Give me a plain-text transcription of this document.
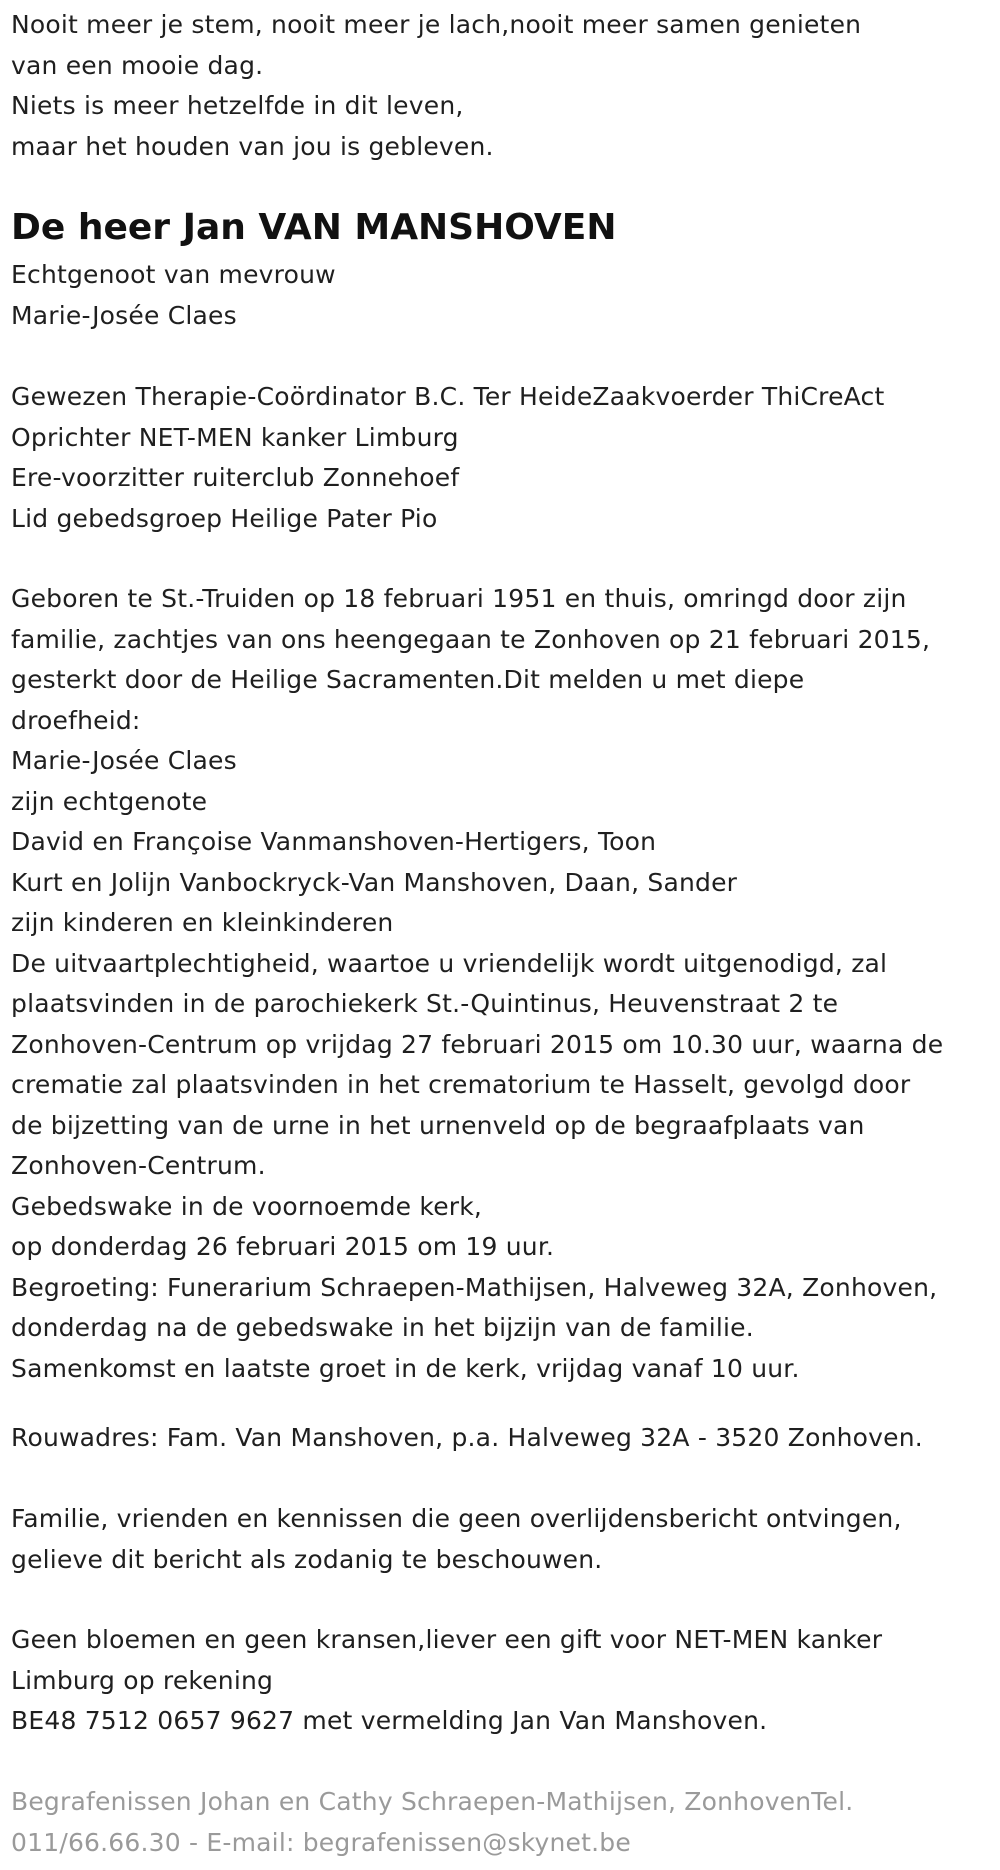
Nooit meer je stem, nooit meer je lach,nooit meer samen genieten
van een mooie dag.
Niets is meer hetzelfde in dit leven,
maar het houden van jou is gebleven.
De heer Jan VAN MANSHOVEN
Echtgenoot van mevrouw
Marie-Josée Claes
Gewezen Therapie-Coördinator B.C. Ter HeideZaakvoerder ThiCreAct
Oprichter NET-MEN kanker Limburg
Ere-voorzitter ruiterclub Zonnehoef
Lid gebedsgroep Heilige Pater Pio
Geboren te St.-Truiden op 18 februari 1951 en thuis, omringd door zijn
familie, zachtjes van ons heengegaan te Zonhoven op 21 februari 2015,
gesterkt door de Heilige Sacramenten.Dit melden u met diepe
droefheid:
Marie-Josée Claes
zijn echtgenote
David en Françoise Vanmanshoven-Hertigers, Toon
Kurt en Jolijn Vanbockryck-Van Manshoven, Daan, Sander
zijn kinderen en kleinkinderen
De uitvaartplechtigheid, waartoe u vriendelijk wordt uitgenodigd, zal
plaatsvinden in de parochiekerk St.-Quintinus, Heuvenstraat 2 te
Zonhoven-Centrum op vrijdag 27 februari 2015 om 10.30 uur, waarna de
crematie zal plaatsvinden in het crematorium te Hasselt, gevolgd door
de bijzetting van de urne in het urnenveld op de begraafplaats van
Zonhoven-Centrum.
Gebedswake in de voornoemde kerk,
op donderdag 26 februari 2015 om 19 uur.
Begroeting: Funerarium Schraepen-Mathijsen, Halveweg 32A, Zonhoven,
donderdag na de gebedswake in het bijzijn van de familie.
Samenkomst en laatste groet in de kerk, vrijdag vanaf 10 uur.
Rouwadres: Fam. Van Manshoven, p.a. Halveweg 32A - 3520 Zonhoven.
Familie, vrienden en kennissen die geen overlijdensbericht ontvingen,
gelieve dit bericht als zodanig te beschouwen.
Geen bloemen en geen kransen,liever een gift voor NET-MEN kanker
Limburg op rekening
BE48 7512 0657 9627 met vermelding Jan Van Manshoven.
Begrafenissen Johan en Cathy Schraepen-Mathijsen, ZonhovenTel.
011/66.66.30 - E-mail: begrafenissen@skynet.be
